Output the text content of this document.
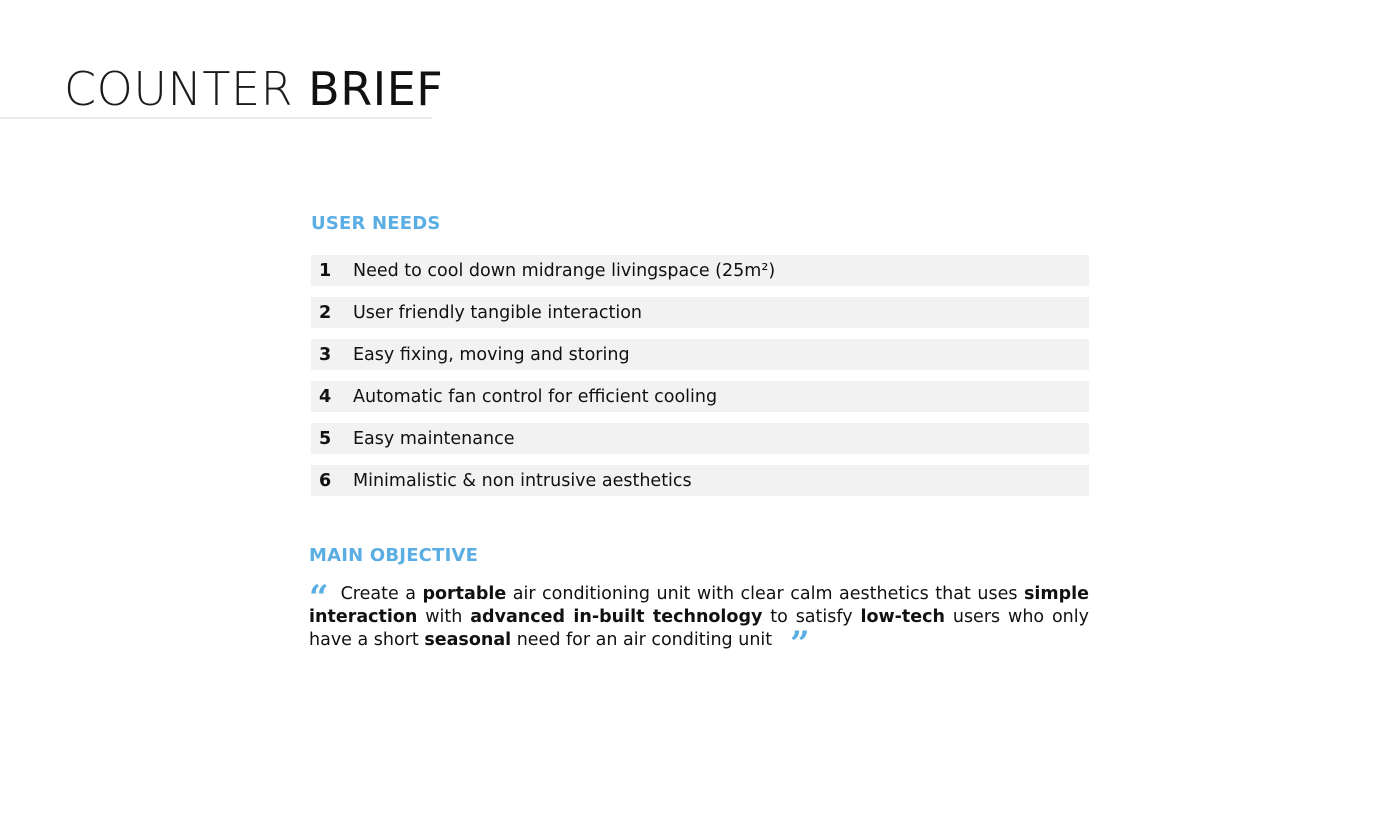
COUNTER BRIEF
USER NEEDS
1	Need to cool down midrange livingspace (25m²)
2	User friendly tangible interaction
3	Easy fixing, moving and storing
4	Automatic fan control for efficient cooling
5	Easy maintenance
6	Minimalistic & non intrusive aesthetics
MAIN OBJECTIVE
“ Create a portable air conditioning unit with clear calm aesthetics that uses simple interaction with advanced in-built technology to satisfy low-tech users who only have a short seasonal need for an air conditing unit ”
